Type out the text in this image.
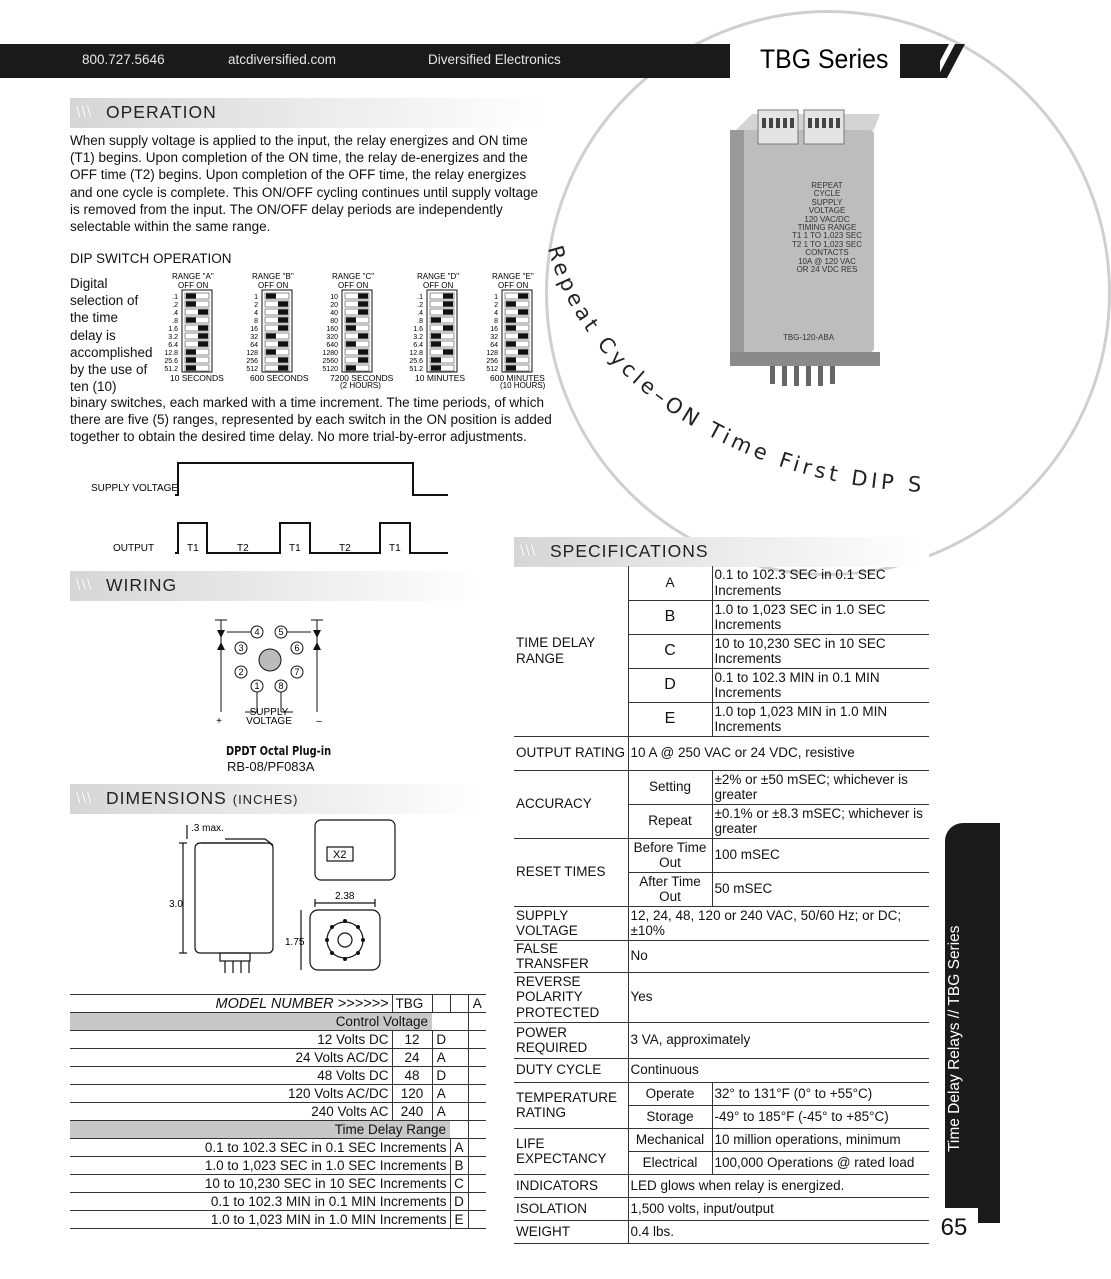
800.727.5646	atcdiversified.com	Diversified Electronics	TBG Series
REPEAT
CYCLE
SUPPLY
VOLTAGE
120 VAC/DC
TIMING RANGE
T1 1 TO 1,023 SEC
T2 1 TO 1,023 SEC
CONTACTS
10A @ 120 VAC
OR 24 VDC RES
TBG-120-ABA
Repeat Cycle–ON Time First DIP S
\\\ OPERATION
When supply voltage is applied to the input, the relay energizes and ON time (T1) begins. Upon completion of the ON time, the relay de-energizes and the OFF time (T2) begins. Upon completion of the OFF time, the relay energizes and one cycle is complete. This ON/OFF cycling continues until supply voltage is removed from the input. The ON/OFF delay periods are independently selectable within the same range.
DIP SWITCH OPERATION
Digital selection of the time delay is accomplished by the use of ten (10)
binary switches, each marked with a time increment. The time periods, of which there are five (5) ranges, represented by each switch in the ON position is added together to obtain the desired time delay. No more trial-by-error adjustments.
RANGE "A"
OFF ON
.1
.2
.4
.8
1.6
3.2
6.4
12.8
25.6
51.2
10 SECONDS
RANGE "B"
OFF ON
1
2
4
8
16
32
64
128
256
512
600 SECONDS
RANGE "C"
OFF ON
10
20
40
80
160
320
640
1280
2560
5120
7200 SECONDS
(2 HOURS)
RANGE "D"
OFF ON
.1
.2
.4
.8
1.6
3.2
6.4
12.8
25.6
51.2
10 MINUTES
RANGE "E"
OFF ON
1
2
4
8
16
32
64
128
256
512
600 MINUTES
(10 HOURS)
SUPPLY VOLTAGE
OUTPUT	T1	T2	T1	T2	T1
\\\ WIRING
4 5
3	6
2	7
1 8
SUPPLY
VOLTAGE
+	–
DPDT Octal Plug-in
RB-08/PF083A
\\\ DIMENSIONS (INCHES)
.3 max.
3.0
2.38
1.75
X2
MODEL NUMBER >>>>>>	TBG			A
Control Voltage				
12 Volts DC	12	D		
24 Volts AC/DC	24	A		
48 Volts DC	48	D		
120 Volts AC/DC	120	A		
240 Volts AC	240	A		
Time Delay Range				
0.1 to 102.3 SEC in 0.1 SEC Increments			A	
1.0 to 1,023 SEC in 1.0 SEC Increments			B	
10 to 10,230 SEC in 10 SEC Increments			C	
0.1 to 102.3 MIN in 0.1 MIN Increments			D	
1.0 to 1,023 MIN in 1.0 MIN Increments			E	
\\\ SPECIFICATIONS
TIME DELAY RANGE	A	0.1 to 102.3 SEC in 0.1 SEC Increments
	B	1.0 to 1,023 SEC in 1.0 SEC Increments
	C	10 to 10,230 SEC in 10 SEC Increments
	D	0.1 to 102.3 MIN in 0.1 MIN Increments
	E	1.0 top 1,023 MIN in 1.0 MIN Increments
OUTPUT RATING	10 A @ 250 VAC or 24 VDC, resistive	
ACCURACY	Setting	±2% or ±50 mSEC; whichever is greater
	Repeat	±0.1% or ±8.3 mSEC; whichever is greater
RESET TIMES	Before Time Out	100 mSEC
	After Time Out	50 mSEC
SUPPLY VOLTAGE	12, 24, 48, 120 or 240 VAC, 50/60 Hz; or DC; ±10%	
FALSE TRANSFER	No	
REVERSE POLARITY PROTECTED	Yes	
POWER REQUIRED	3 VA, approximately	
DUTY CYCLE	Continuous	
TEMPERATURE RATING	Operate	32° to 131°F (0° to +55°C)
	Storage	-49° to 185°F (-45° to +85°C)
LIFE EXPECTANCY	Mechanical	10 million operations, minimum
	Electrical	100,000 Operations @ rated load
INDICATORS	LED glows when relay is energized.	
ISOLATION	1,500 volts, input/output	
WEIGHT	0.4 lbs.	
Time Delay Relays // TBG Series
65
